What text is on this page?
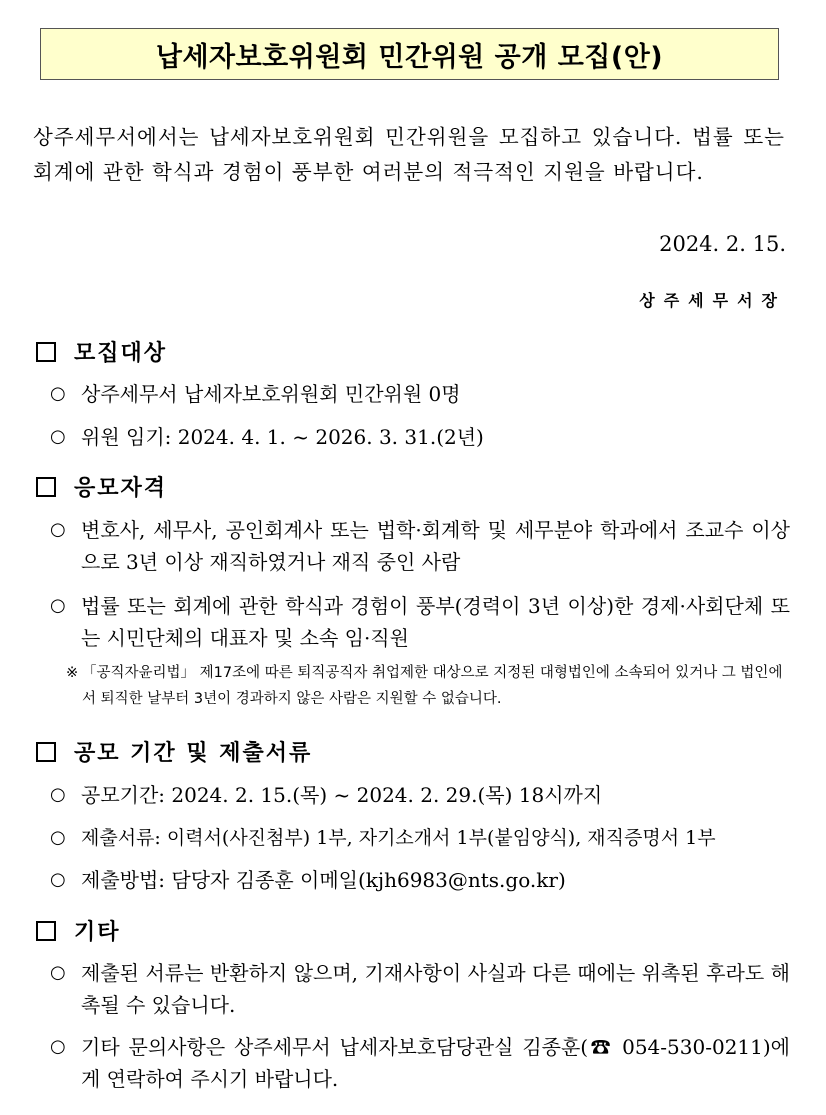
납세자보호위원회 민간위원 공개 모집(안)
상주세무서에서는 납세자보호위원회 민간위원을 모집하고 있습니다. 법률 또는 회계에 관한 학식과 경험이 풍부한 여러분의 적극적인 지원을 바랍니다.
2024. 2. 15.
상주세무서장
모집대상
○ 상주세무서 납세자보호위원회 민간위원 0명
○ 위원 임기: 2024. 4. 1. ~ 2026. 3. 31.(2년)
응모자격
○ 변호사, 세무사, 공인회계사 또는 법학·회계학 및 세무분야 학과에서 조교수 이상으로 3년 이상 재직하였거나 재직 중인 사람
○ 법률 또는 회계에 관한 학식과 경험이 풍부(경력이 3년 이상)한 경제·사회단체 또는 시민단체의 대표자 및 소속 임·직원
※ 「공직자윤리법」 제17조에 따른 퇴직공직자 취업제한 대상으로 지정된 대형법인에 소속되어 있거나 그 법인에서 퇴직한 날부터 3년이 경과하지 않은 사람은 지원할 수 없습니다.
공모 기간 및 제출서류
○ 공모기간: 2024. 2. 15.(목) ~ 2024. 2. 29.(목) 18시까지
○ 제출서류: 이력서(사진첨부) 1부, 자기소개서 1부(붙임양식), 재직증명서 1부
○ 제출방법: 담당자 김종훈 이메일(kjh6983@nts.go.kr)
기타
○ 제출된 서류는 반환하지 않으며, 기재사항이 사실과 다른 때에는 위촉된 후라도 해촉될 수 있습니다.
○ 기타 문의사항은 상주세무서 납세자보호담당관실 김종훈(☎ 054-530-0211)에게 연락하여 주시기 바랍니다.
